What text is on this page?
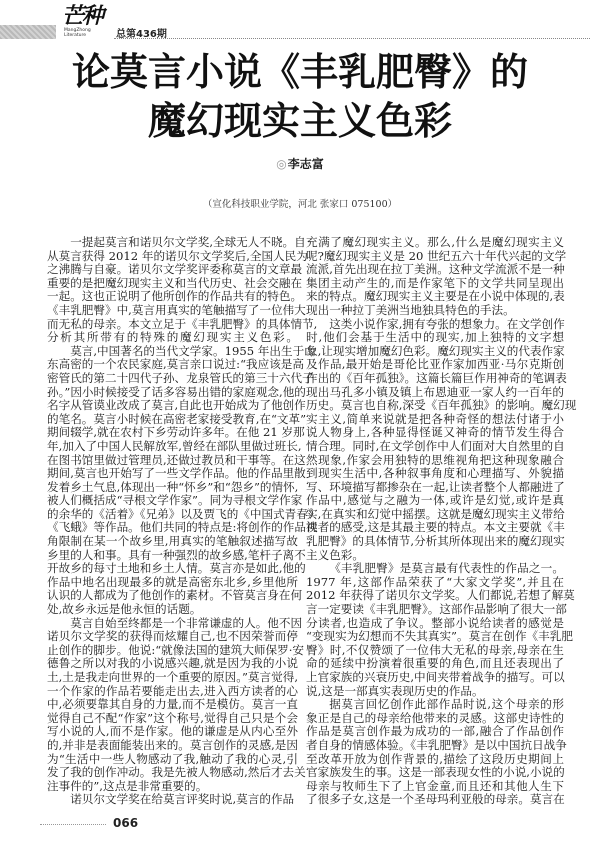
芒种
MangZhong Literature	总第436期
论莫言小说《丰乳肥臀》的
魔幻现实主义色彩
◎李志富
（宣化科技职业学院，河北 张家口 075100）
一提起莫言和诺贝尔文学奖,全球无人不晓。自
从莫言获得 2012 年的诺贝尔文学奖后,全国人民为
之沸腾与自豪。诺贝尔文学奖评委称莫言的文章最
重要的是把魔幻现实主义和当代历史、社会交融在
一起。这也正说明了他所创作的作品共有的特色。
《丰乳肥臀》中,莫言用真实的笔触描写了一位伟大
而无私的母亲。本文立足于《丰乳肥臀》的具体情节,
分析其所带有的特殊的魔幻现实主义色彩。
莫言,中国著名的当代文学家。1955 年出生于山
东高密的一个农民家庭,莫言亲口说过:“我应该是高
密管氏的第二十四代子孙、龙泉管氏的第三十六代子
孙。”因小时候接受了话多容易出错的家庭观念,他的
名字从管谟业改成了莫言,自此也开始成为了他创作
的笔名。莫言小时候在高密老家接受教育,在“文革”
期间辍学,就在农村下乡劳动许多年。在他 21 岁那
年,加入了中国人民解放军,曾经在部队里做过班长,
在图书馆里做过管理员,还做过教员和干事等。在这
期间,莫言也开始写了一些文学作品。他的作品里散
发着乡土气息,体现出一种“怀乡”和“怨乡”的情怀,
被人们概括成“寻根文学作家”。同为寻根文学作家
的余华的《活着》《兄弟》以及贾飞的《中国式青春》
《飞蛾》等作品。他们共同的特点是:将创作的作品视
角限制在某一个故乡里,用真实的笔触叙述描写故
乡里的人和事。具有一种强烈的故乡感,笔杆子离不
开故乡的每寸土地和乡土人情。莫言亦是如此,他的
作品中地名出现最多的就是高密东北乡,乡里他所
认识的人都成为了他创作的素材。不管莫言身在何
处,故乡永远是他永恒的话题。
莫言自始至终都是一个非常谦虚的人。他不因
诺贝尔文学奖的获得而炫耀自己,也不因荣誉而停
止创作的脚步。他说:“就像法国的建筑大师保罗·安
德鲁之所以对我的小说感兴趣,就是因为我的小说
土,土是我走向世界的一个重要的原因。”莫言觉得,
一个作家的作品若要能走出去,进入西方读者的心
中,必须要靠其自身的力量,而不是模仿。莫言一直
觉得自己不配“作家”这个称号,觉得自己只是个会
写小说的人,而不是作家。他的谦虚是从内心至外
的,并非是表面能装出来的。莫言创作的灵感,是因
为“生活中一些人物感动了我,触动了我的心灵,引
发了我的创作冲动。我是先被人物感动,然后才去关
注事件的”,这点是非常重要的。
诺贝尔文学奖在给莫言评奖时说,莫言的作品
充满了魔幻现实主义。那么,什么是魔幻现实主义
呢?魔幻现实主义是 20 世纪五六十年代兴起的文学
流派,首先出现在拉丁美洲。这种文学流派不是一种
集团主动产生的,而是作家笔下的文学共同呈现出
来的特点。魔幻现实主义主要是在小说中体现的,表
现出一种拉丁美洲当地独具特色的手法。
这类小说作家,拥有夸张的想象力。在文学创作
时,他们会基于生活中的现实,加上独特的文字想
象,让现实增加魔幻色彩。魔幻现实主义的代表作家
及作品,最开始是哥伦比亚作家加西亚·马尔克斯创
作出的《百年孤独》。这篇长篇巨作用神奇的笔调表
现出马孔多小镇及镇上布恩迪亚一家人约一百年的
历史。莫言也自称,深受《百年孤独》的影响。魔幻现
实主义,简单来说就是把各种奇怪的想法付诸于小
说人物身上,各种显得怪诞又神奇的情节发生得合
情合理。同时,在文学创作中人们面对大自然里的自
然现象,作家会用独特的思维视角把这种现象融合
到现实生活中,各种叙事角度和心理描写、外貌描
写、环境描写都掺杂在一起,让读者整个人都融进了
作品中,感觉与之融为一体,或许是幻觉,或许是真
实,在真实和幻觉中摇摆。这就是魔幻现实主义带给
读者的感受,这是其最主要的特点。本文主要就《丰
乳肥臀》的具体情节,分析其所体现出来的魔幻现实
主义色彩。
《丰乳肥臀》是莫言最有代表性的作品之一。
1977 年,这部作品荣获了“大家文学奖”,并且在
2012 年获得了诺贝尔文学奖。人们都说,若想了解莫
言一定要读《丰乳肥臀》。这部作品影响了很大一部
分读者,也造成了争议。整部小说给读者的感觉是
“变现实为幻想而不失其真实”。莫言在创作《丰乳肥
臀》时,不仅赞颂了一位伟大无私的母亲,母亲在生
命的延续中扮演着很重要的角色,而且还表现出了
上官家族的兴衰历史,中间夹带着战争的描写。可以
说,这是一部真实表现历史的作品。
据莫言回忆创作此部作品时说,这个母亲的形
象正是自己的母亲给他带来的灵感。这部史诗性的
作品是莫言创作最为成功的一部,融合了作品创作
者自身的情感体验。《丰乳肥臀》是以中国抗日战争
至改革开放为创作背景的,描绘了这段历史期间上
官家族发生的事。这是一部表现女性的小说,小说的
母亲与牧师生下了上官金童,而且还和其他人生下
了很多子女,这是一个圣母玛利亚般的母亲。莫言在
066
